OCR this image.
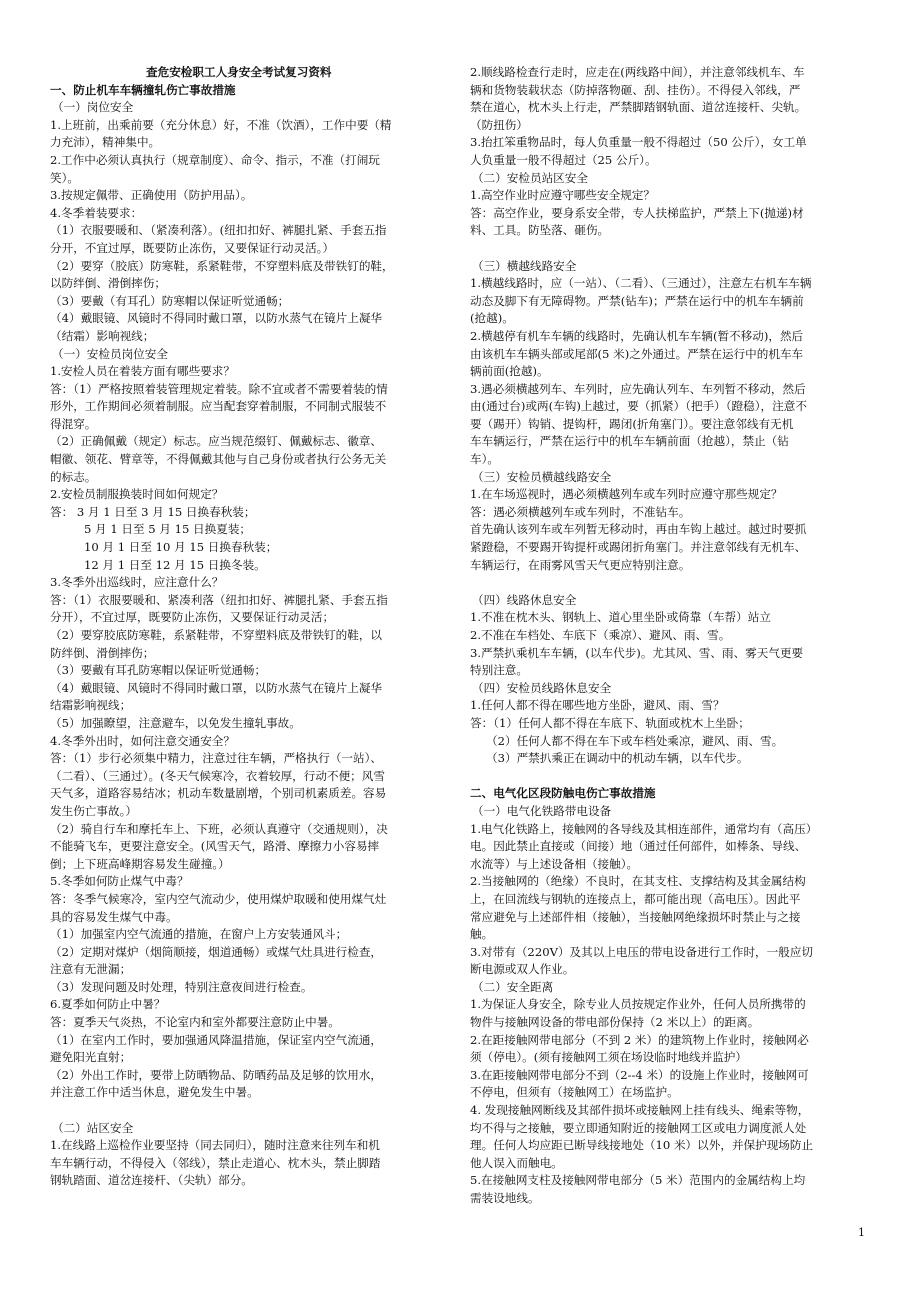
查危安检职工人身安全考试复习资料
一、防止机车车辆撞轧伤亡事故措施
（一）岗位安全
1.上班前，出乘前要（充分休息）好，不准（饮酒），工作中要（精
力充沛），精神集中。
2.工作中必须认真执行（规章制度）、命令、指示，不准（打闹玩
笑）。
3.按规定佩带、正确使用（防护用品）。
4.冬季着装要求：
（1）衣服要暖和、（紧凑利落）。(纽扣扣好、裤腿扎紧、手套五指
分开，不宜过厚，既要防止冻伤，又要保证行动灵活。）
（2）要穿（胶底）防寒鞋，系紧鞋带，不穿塑料底及带铁钉的鞋，
以防绊倒、滑倒摔伤；
（3）要戴（有耳孔）防寒帽以保证听觉通畅；
（4）戴眼镜、风镜时不得同时戴口罩，以防水蒸气在镜片上凝华
（结霜）影响视线；
（一）安检员岗位安全
1.安检人员在着装方面有哪些要求？
答：（1）严格按照着装管理规定着装。除不宜或者不需要着装的情
形外，工作期间必须着制服。应当配套穿着制服，不同制式服装不
得混穿。
（2）正确佩戴（规定）标志。应当规范缀钉、佩戴标志、徽章、
帽徽、领花、臂章等，不得佩戴其他与自己身份或者执行公务无关
的标志。
2.安检员制服换装时间如何规定？
答： 3 月 1 日至 3 月 15 日换春秋装；
5 月 1 日至 5 月 15 日换夏装；
10 月 1 日至 10 月 15 日换春秋装；
12 月 1 日至 12 月 15 日换冬装。
3.冬季外出巡线时，应注意什么？
答：（1）衣服要暖和、紧凑利落（纽扣扣好、裤腿扎紧、手套五指
分开），不宜过厚，既要防止冻伤，又要保证行动灵活；
（2）要穿胶底防寒鞋，系紧鞋带，不穿塑料底及带铁钉的鞋，以
防绊倒、滑倒摔伤；
（3）要戴有耳孔防寒帽以保证听觉通畅；
（4）戴眼镜、风镜时不得同时戴口罩，以防水蒸气在镜片上凝华
结霜影响视线；
（5）加强瞭望，注意避车，以免发生撞轧事故。
4.冬季外出时，如何注意交通安全？
答：（1）步行必须集中精力，注意过往车辆，严格执行（一站）、
（二看）、（三通过）。(冬天气候寒冷，衣着较厚，行动不便；风雪
天气多，道路容易结冰；机动车数量剧增，个别司机素质差。容易
发生伤亡事故。）
（2）骑自行车和摩托车上、下班，必须认真遵守（交通规则），决
不能骑飞车，更要注意安全。(风雪天气，路滑、摩擦力小容易摔
倒；上下班高峰期容易发生碰撞。）
5.冬季如何防止煤气中毒？
答：冬季气候寒冷，室内空气流动少，使用煤炉取暖和使用煤气灶
具的容易发生煤气中毒。
（1）加强室内空气流通的措施，在窗户上方安装通风斗；
（2）定期对煤炉（烟筒顺接，烟道通畅）或煤气灶具进行检查，
注意有无泄漏；
（3）发现问题及时处理，特别注意夜间进行检查。
6.夏季如何防止中暑？
答：夏季天气炎热，不论室内和室外都要注意防止中暑。
（1）在室内工作时，要加强通风降温措施，保证室内空气流通，
避免阳光直射；
（2）外出工作时，要带上防晒物品、防晒药品及足够的饮用水，
并注意工作中适当休息，避免发生中暑。
（二）站区安全
1.在线路上巡检作业要坚持（同去同归），随时注意来往列车和机
车车辆行动，不得侵入（邻线），禁止走道心、枕木头，禁止脚踏
钢轨踏面、道岔连接杆、（尖轨）部分。
2.顺线路检查行走时，应走在(两线路中间），并注意邻线机车、车
辆和货物装载状态（防掉落物砸、刮、挂伤）。不得侵入邻线，严
禁在道心，枕木头上行走，严禁脚踏钢轨面、道岔连接杆、尖轨。
（防扭伤）
3.抬扛笨重物品时，每人负重量一般不得超过（50 公斤），女工单
人负重量一般不得超过（25 公斤）。
（二）安检员站区安全
1.高空作业时应遵守哪些安全规定？
答：高空作业，要身系安全带，专人扶梯监护，严禁上下(抛递)材
料、工具。防坠落、砸伤。
（三）横越线路安全
1.横越线路时，应（一站）、（二看）、（三通过），注意左右机车车辆
动态及脚下有无障碍物。严禁(钻车)；严禁在运行中的机车车辆前
(抢越)。
2.横越停有机车车辆的线路时，先确认机车车辆(暂不移动)，然后
由该机车车辆头部或尾部(5 米)之外通过。严禁在运行中的机车车
辆前面(抢越)。
3.遇必须横越列车、车列时，应先确认列车、车列暂不移动，然后
由(通过台)或两(车钩)上越过，要（抓紧）（把手）（蹬稳），注意不
要（踢开）钩销、提钩杆，踢闭(折角塞门）。要注意邻线有无机
车车辆运行，严禁在运行中的机车车辆前面（抢越），禁止（钻
车）。
（三）安检员横越线路安全
1.在车场巡视时，遇必须横越列车或车列时应遵守那些规定？
答：遇必须横越列车或车列时，不准钻车。
首先确认该列车或车列暂无移动时，再由车钩上越过。越过时要抓
紧蹬稳，不要踢开钩提杆或踢闭折角塞门。并注意邻线有无机车、
车辆运行，在雨雾风雪天气更应特别注意。
（四）线路休息安全
1.不准在枕木头、钢轨上、道心里坐卧或倚靠（车帮）站立
2.不准在车档处、车底下（乘凉）、避风、雨、雪。
3.严禁扒乘机车车辆，(以车代步)。尤其风、雪、雨、雾天气更要
特别注意。
（四）安检员线路休息安全
1.任何人都不得在哪些地方坐卧，避风、雨、雪？
答：（1）任何人都不得在车底下、轨面或枕木上坐卧；
（2）任何人都不得在车下或车档处乘凉，避风、雨、雪。
（3）严禁扒乘正在调动中的机动车辆，以车代步。
二、电气化区段防触电伤亡事故措施
（一）电气化铁路带电设备
1.电气化铁路上，接触网的各导线及其相连部件，通常均有（高压）
电。因此禁止直接或（间接）地（通过任何部件，如棒条、导线、
水流等）与上述设备相（接触）。
2.当接触网的（绝缘）不良时，在其支柱、支撑结构及其金属结构
上，在回流线与钢轨的连接点上，都可能出现（高电压）。因此平
常应避免与上述部件相（接触），当接触网绝缘损坏时禁止与之接
触。
3.对带有（220V）及其以上电压的带电设备进行工作时，一般应切
断电源或双人作业。
（二）安全距离
1.为保证人身安全，除专业人员按规定作业外，任何人员所携带的
物件与接触网设备的带电部份保持（2 米以上）的距离。
2.在距接触网带电部分（不到 2 米）的建筑物上作业时，接触网必
须（停电）。(须有接触网工须在场设临时地线并监护）
3.在距接触网带电部分不到（2--4 米）的设施上作业时，接触网可
不停电，但须有（接触网工）在场监护。
4. 发现接触网断线及其部件损坏或接触网上挂有线头、绳索等物，
均不得与之接触，要立即通知附近的接触网工区或电力调度派人处
理。任何人均应距已断导线接地处（10 米）以外，并保护现场防止
他人误入而触电。
5.在接触网支柱及接触网带电部分（5 米）范围内的金属结构上均
需装设地线。
1
